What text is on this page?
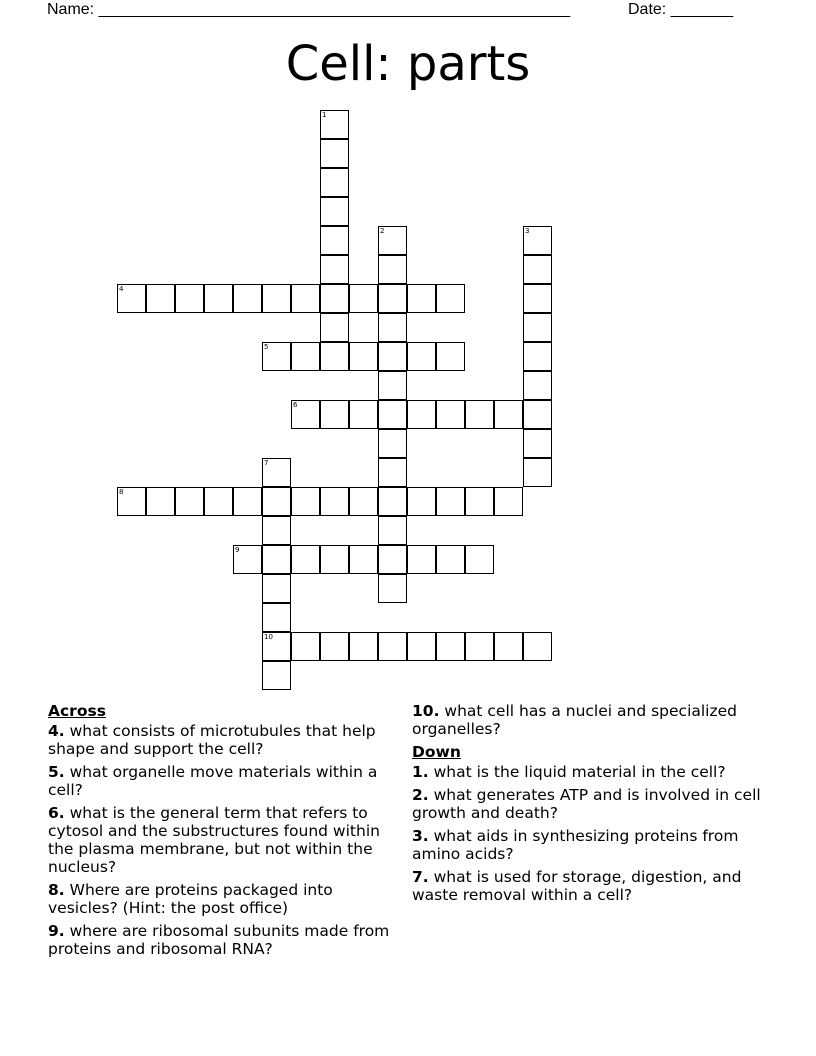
Name: _____________________________________________________	Date: _______
Cell: parts
1
2	3
4
5
6
7
10
8
9
Across
4. what consists of microtubules that help shape and support the cell?
5. what organelle move materials within a cell?
6. what is the general term that refers to cytosol and the substructures found within the plasma membrane, but not within the nucleus?
8. Where are proteins packaged into vesicles? (Hint: the post office)
9. where are ribosomal subunits made from proteins and ribosomal RNA?
10. what cell has a nuclei and specialized organelles?
Down
1. what is the liquid material in the cell?
2. what generates ATP and is involved in cell growth and death?
3. what aids in synthesizing proteins from amino acids?
7. what is used for storage, digestion, and waste removal within a cell?
